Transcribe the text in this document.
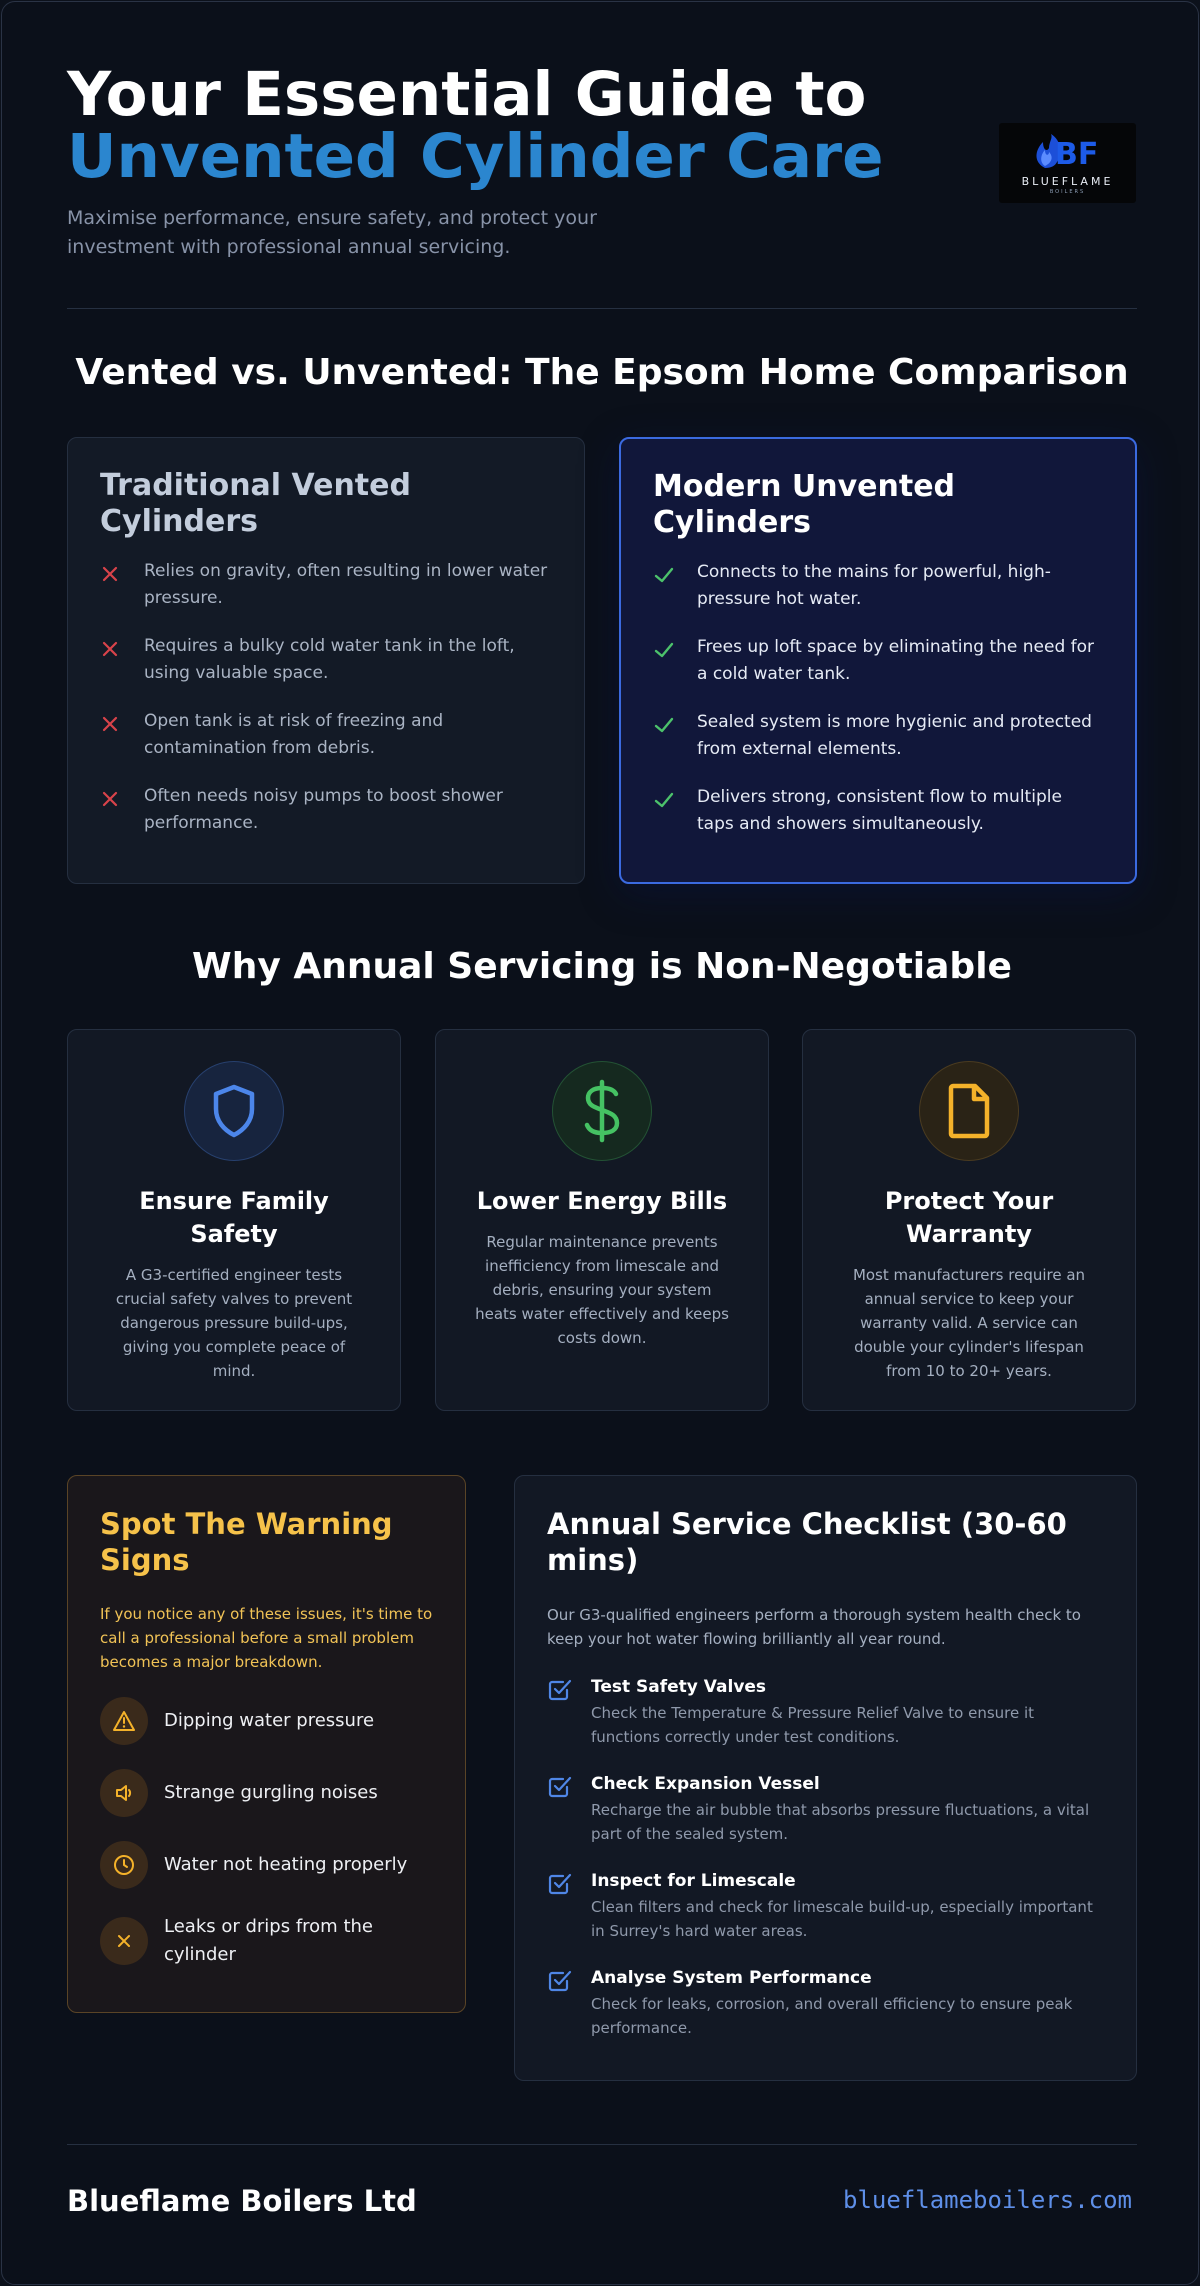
Your Essential Guide to
Unvented Cylinder Care

Maximise performance, ensure safety, and protect your investment with professional annual servicing.

BF
BLUEFLAME
BOILERS
Vented vs. Unvented: The Epsom Home Comparison
Traditional Vented Cylinders
Relies on gravity, often resulting in lower water pressure.
Requires a bulky cold water tank in the loft, using valuable space.
Open tank is at risk of freezing and contamination from debris.
Often needs noisy pumps to boost shower performance.
Modern Unvented Cylinders
Connects to the mains for powerful, high-pressure hot water.
Frees up loft space by eliminating the need for a cold water tank.
Sealed system is more hygienic and protected from external elements.
Delivers strong, consistent flow to multiple taps and showers simultaneously.
Why Annual Servicing is Non-Negotiable
Ensure Family Safety

A G3-certified engineer tests crucial safety valves to prevent dangerous pressure build-ups, giving you complete peace of mind.

Lower Energy Bills

Regular maintenance prevents inefficiency from limescale and debris, ensuring your system heats water effectively and keeps costs down.

Protect Your Warranty

Most manufacturers require an annual service to keep your warranty valid. A service can double your cylinder's lifespan from 10 to 20+ years.

Spot The Warning Signs

If you notice any of these issues, it's time to call a professional before a small problem becomes a major breakdown.

Dipping water pressure
Strange gurgling noises
Water not heating properly
Leaks or drips from the cylinder
Annual Service Checklist (30-60 mins)

Our G3-qualified engineers perform a thorough system health check to keep your hot water flowing brilliantly all year round.

Test Safety Valves
Check the Temperature & Pressure Relief Valve to ensure it functions correctly under test conditions.
Check Expansion Vessel
Recharge the air bubble that absorbs pressure fluctuations, a vital part of the sealed system.
Inspect for Limescale
Clean filters and check for limescale build-up, especially important in Surrey's hard water areas.
Analyse System Performance
Check for leaks, corrosion, and overall efficiency to ensure peak performance.
Blueflame Boilers Ltd	blueflameboilers.com
